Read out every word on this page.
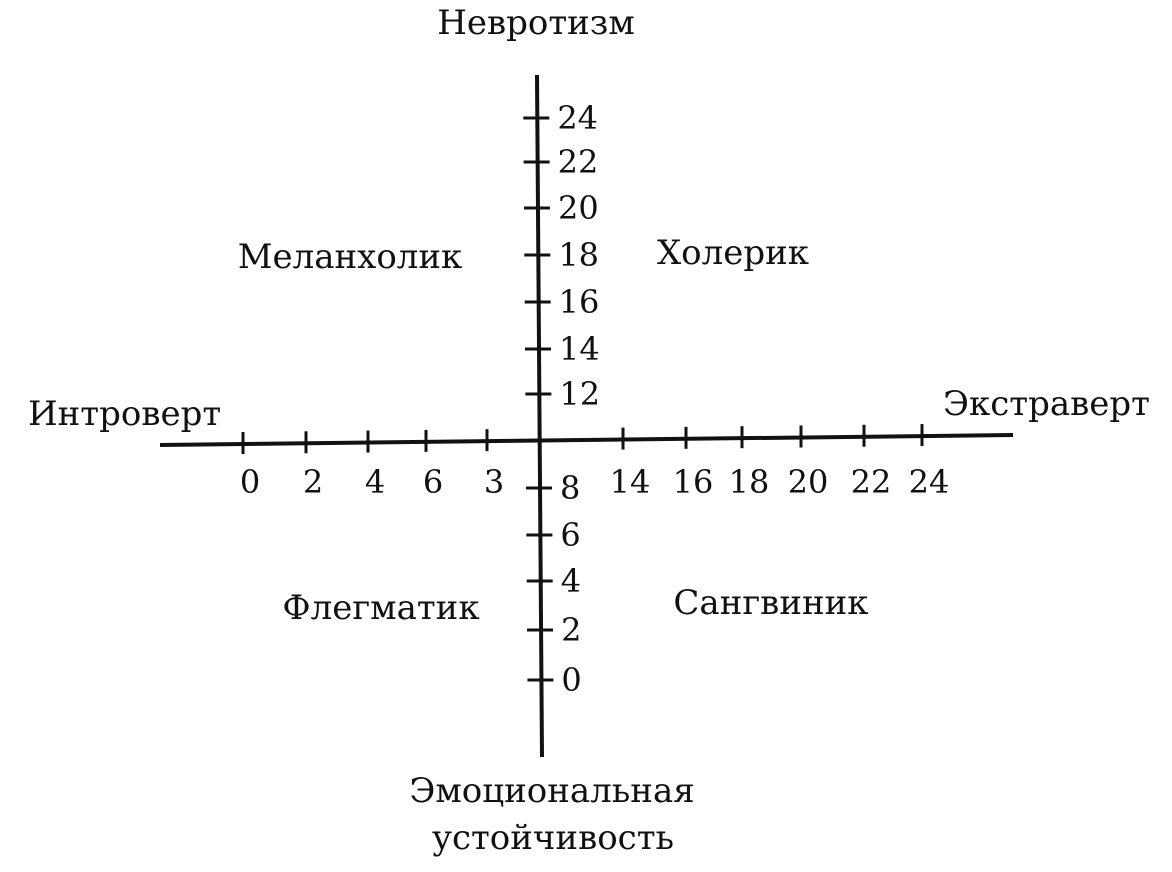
0 2 4 6 3	14 16 18 20 22 24
24
22
20
18
16
14
12
8
6
4
2
0
Невротизм
Эмоциональная
устойчивость
Интроверт	Экстраверт
Меланхолик	Холерик
Флегматик	Сангвиник
